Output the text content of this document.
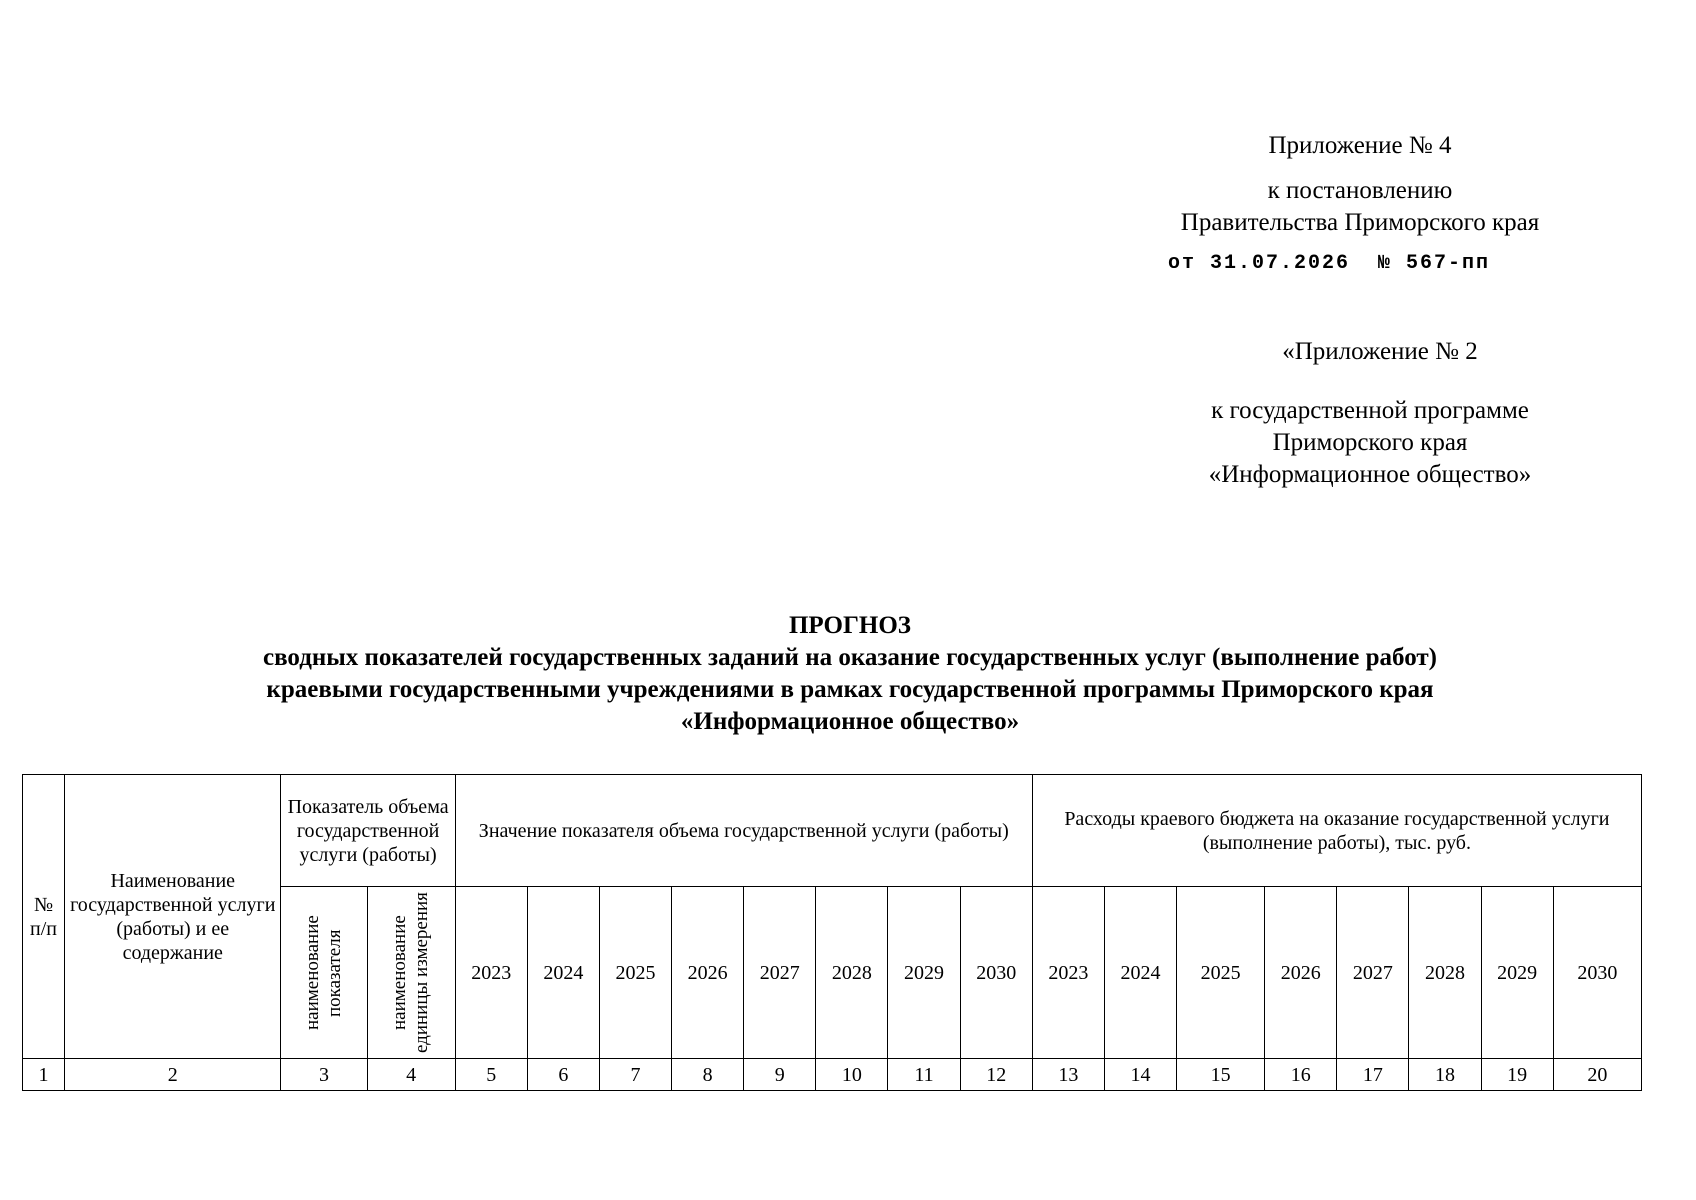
Приложение № 4
к постановлению
Правительства Приморского края
от 31.07.2026  № 567-пп
«Приложение № 2
к государственной программе
Приморского края
«Информационное общество»
ПРОГНОЗ
сводных показателей государственных заданий на оказание государственных услуг (выполнение работ)
краевыми государственными учреждениями в рамках государственной программы Приморского края
«Информационное общество»
№ п/п	Наименование государственной услуги (работы) и ее содержание	Показатель объема государственной услуги (работы)		Значение показателя объема государственной услуги (работы)								Расходы краевого бюджета на оказание государственной услуги (выполнение работы), тыс. руб.							

		наименование показателя	наименование единицы измерения	2023	2024	2025	2026	2027	2028	2029	2030	2023	2024	2025	2026	2027	2028	2029	2030
1	2	3	4	5	6	7	8	9	10	11	12	13	14	15	16	17	18	19	20
